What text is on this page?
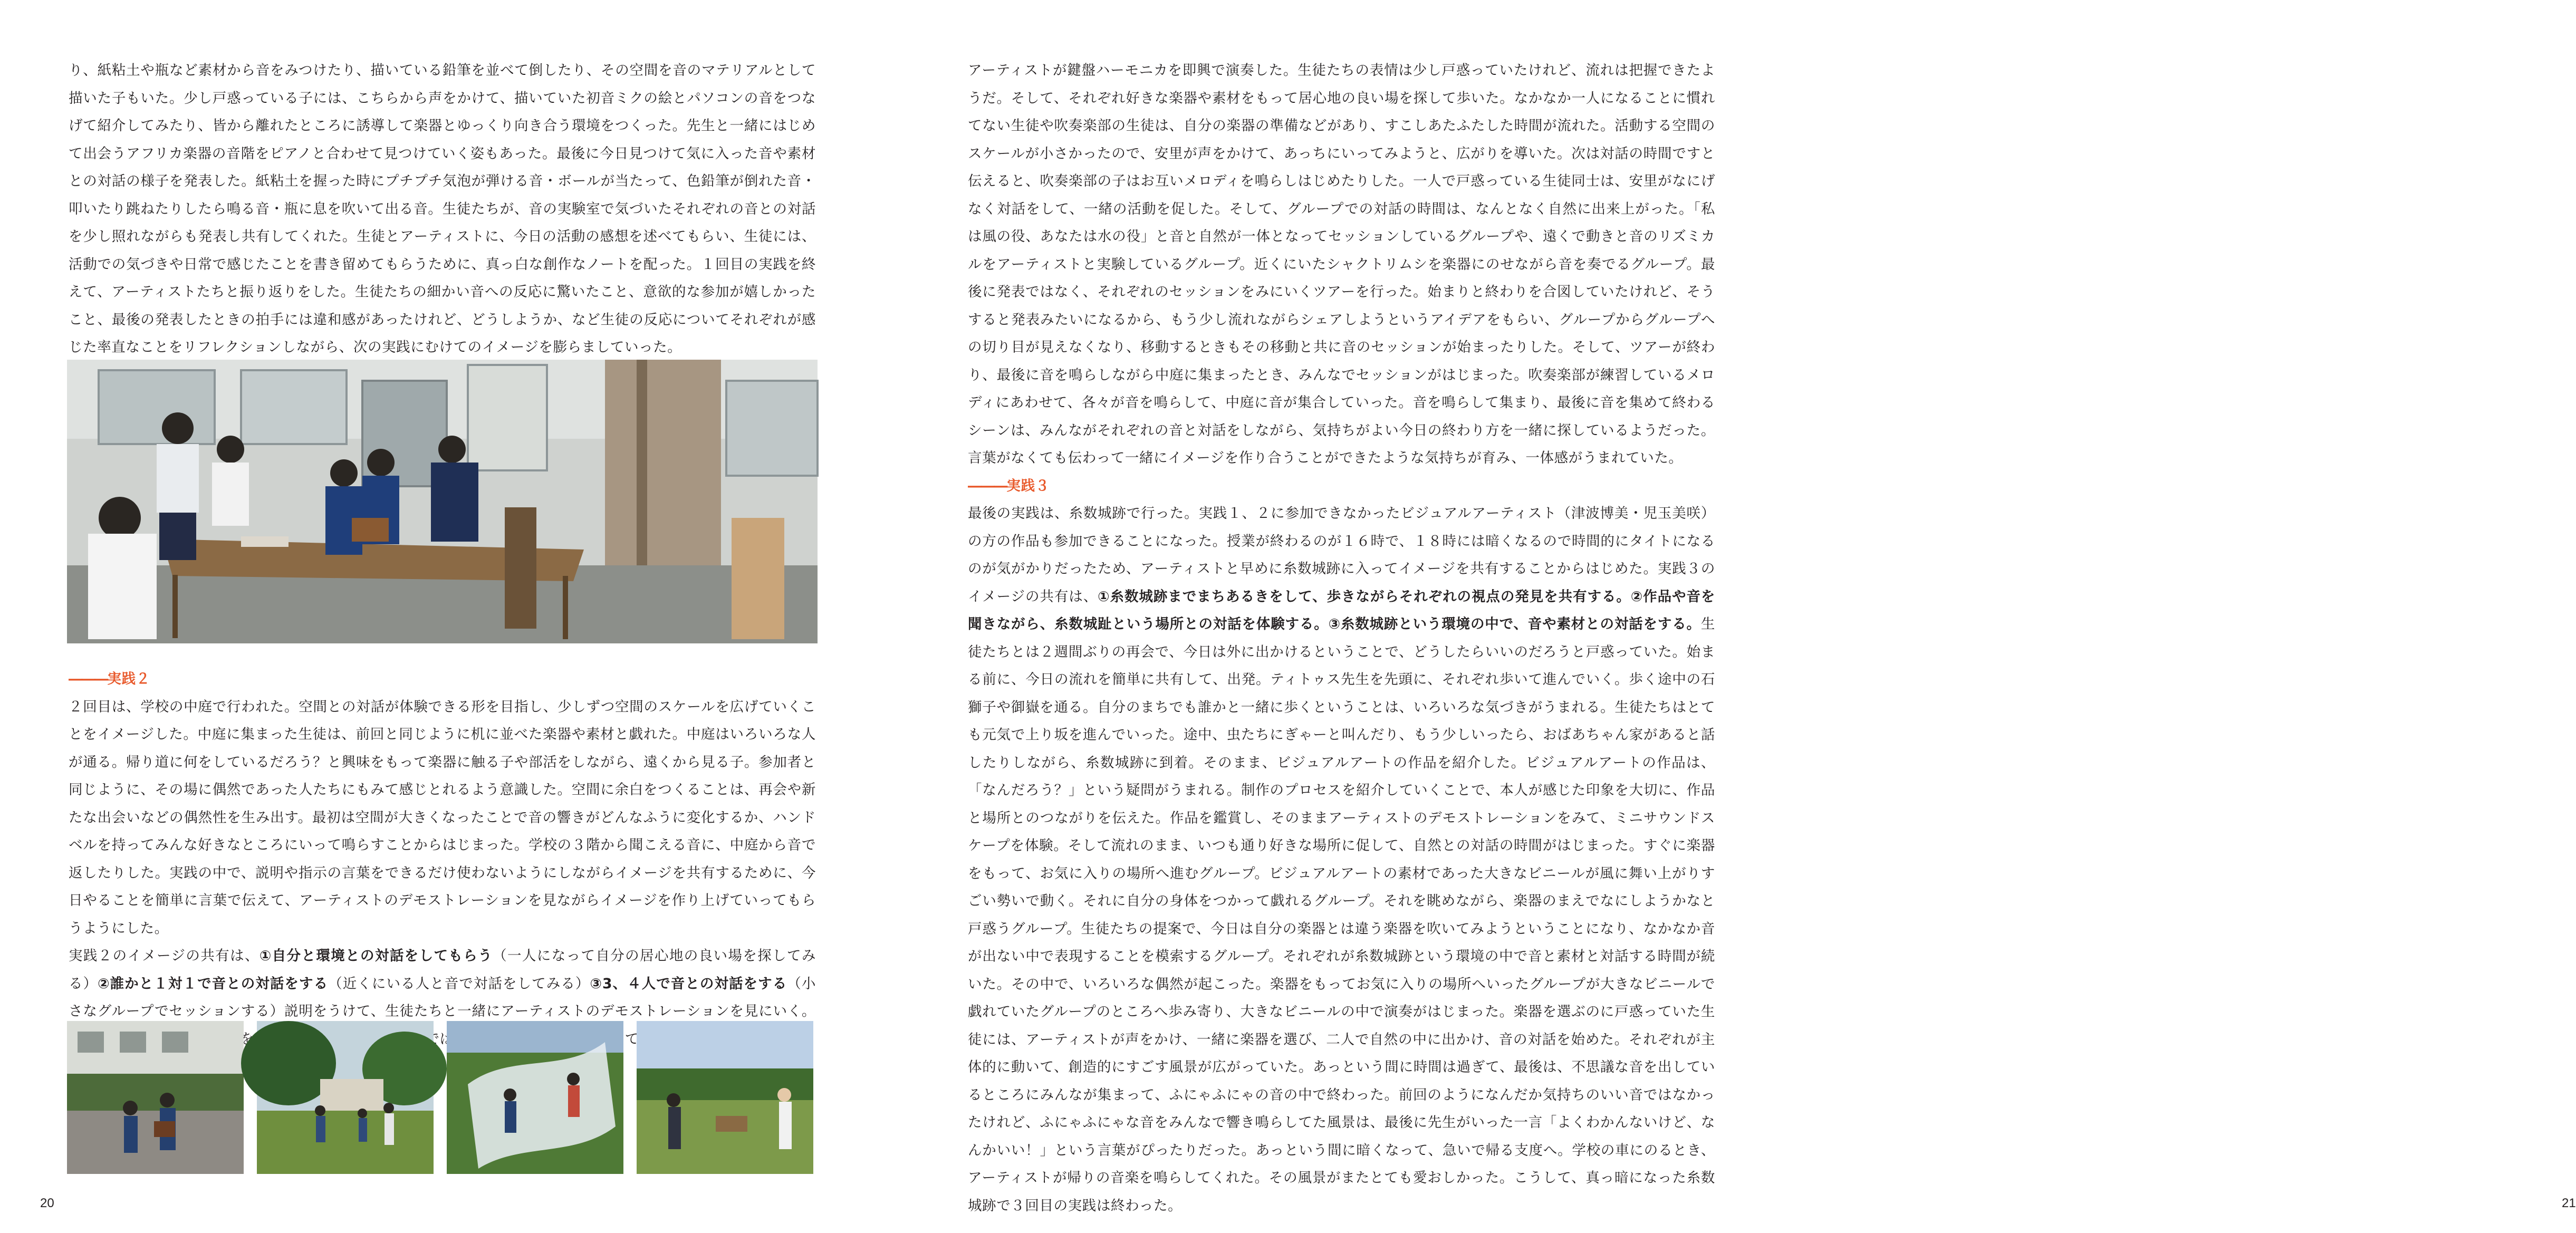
り、紙粘土や瓶など素材から音をみつけたり、描いている鉛筆を並べて倒したり、その空間を音のマテリアルとして描いた子もいた。少し戸惑っている子には、こちらから声をかけて、描いていた初音ミクの絵とパソコンの音をつなげて紹介してみたり、皆から離れたところに誘導して楽器とゆっくり向き合う環境をつくった。先生と一緒にはじめて出会うアフリカ楽器の音階をピアノと合わせて見つけていく姿もあった。最後に今日見つけて気に入った音や素材との対話の様子を発表した。紙粘土を握った時にプチプチ気泡が弾ける音・ボールが当たって、色鉛筆が倒れた音・叩いたり跳ねたりしたら鳴る音・瓶に息を吹いて出る音。生徒たちが、音の実験室で気づいたそれぞれの音との対話を少し照れながらも発表し共有してくれた。生徒とアーティストに、今日の活動の感想を述べてもらい、生徒には、活動での気づきや日常で感じたことを書き留めてもらうために、真っ白な創作なノートを配った。１回目の実践を終えて、アーティストたちと振り返りをした。生徒たちの細かい音への反応に驚いたこと、意欲的な参加が嬉しかったこと、最後の発表したときの拍手には違和感があったけれど、どうしようか、など生徒の反応についてそれぞれが感じた率直なことをリフレクションしながら、次の実践にむけてのイメージを膨らましていった。

―――実践２

２回目は、学校の中庭で行われた。空間との対話が体験できる形を目指し、少しずつ空間のスケールを広げていくことをイメージした。中庭に集まった生徒は、前回と同じように机に並べた楽器や素材と戯れた。中庭はいろいろな人が通る。帰り道に何をしているだろう？と興味をもって楽器に触る子や部活をしながら、遠くから見る子。参加者と同じように、その場に偶然であった人たちにもみて感じとれるよう意識した。空間に余白をつくることは、再会や新たな出会いなどの偶然性を生み出す。最初は空間が大きくなったことで音の響きがどんなふうに変化するか、ハンドベルを持ってみんな好きなところにいって鳴らすことからはじまった。学校の３階から聞こえる音に、中庭から音で返したりした。実践の中で、説明や指示の言葉をできるだけ使わないようにしながらイメージを共有するために、今日やることを簡単に言葉で伝えて、アーティストのデモストレーションを見ながらイメージを作り上げていってもらうようにした。

実践２のイメージの共有は、①自分と環境との対話をしてもらう（一人になって自分の居心地の良い場を探してみる）②誰かと１対１で音との対話をする（近くにいる人と音で対話をしてみる）③3、４人で音との対話をする（小さなグループでセッションする）説明をうけて、生徒たちと一緒にアーティストのデモストレーションを見にいく。 じてもらう時間をたっぷりつくった。運動場ではサッカー部がサッカーをしているところで、

20

アーティストが鍵盤ハーモニカを即興で演奏した。生徒たちの表情は少し戸惑っていたけれど、流れは把握できたようだ。そして、それぞれ好きな楽器や素材をもって居心地の良い場を探して歩いた。なかなか一人になることに慣れてない生徒や吹奏楽部の生徒は、自分の楽器の準備などがあり、すこしあたふたした時間が流れた。活動する空間のスケールが小さかったので、安里が声をかけて、あっちにいってみようと、広がりを導いた。次は対話の時間ですと伝えると、吹奏楽部の子はお互いメロディを鳴らしはじめたりした。一人で戸惑っている生徒同士は、安里がなにげなく対話をして、一緒の活動を促した。そして、グループでの対話の時間は、なんとなく自然に出来上がった。「私は風の役、あなたは水の役」と音と自然が一体となってセッションしているグループや、遠くで動きと音のリズミカルをアーティストと実験しているグループ。近くにいたシャクトリムシを楽器にのせながら音を奏でるグループ。最後に発表ではなく、それぞれのセッションをみにいくツアーを行った。始まりと終わりを合図していたけれど、そうすると発表みたいになるから、もう少し流れながらシェアしようというアイデアをもらい、グループからグループへの切り目が見えなくなり、移動するときもその移動と共に音のセッションが始まったりした。そして、ツアーが終わり、最後に音を鳴らしながら中庭に集まったとき、みんなでセッションがはじまった。吹奏楽部が練習しているメロディにあわせて、各々が音を鳴らして、中庭に音が集合していった。音を鳴らして集まり、最後に音を集めて終わるシーンは、みんながそれぞれの音と対話をしながら、気持ちがよい今日の終わり方を一緒に探しているようだった。言葉がなくても伝わって一緒にイメージを作り合うことができたような気持ちが育み、一体感がうまれていた。

―――実践３

最後の実践は、糸数城跡で行った。実践１、２に参加できなかったビジュアルアーティスト（津波博美・児玉美咲）の方の作品も参加できることになった。授業が終わるのが１６時で、１８時には暗くなるので時間的にタイトになるのが気がかりだったため、アーティストと早めに糸数城跡に入ってイメージを共有することからはじめた。実践３のイメージの共有は、①糸数城跡までまちあるきをして、歩きながらそれぞれの視点の発見を共有する。②作品や音を聞きながら、糸数城趾という場所との対話を体験する。③糸数城跡という環境の中で、音や素材との対話をする。生徒たちとは２週間ぶりの再会で、今日は外に出かけるということで、どうしたらいいのだろうと戸惑っていた。始まる前に、今日の流れを簡単に共有して、出発。ティトゥス先生を先頭に、それぞれ歩いて進んでいく。歩く途中の石獅子や御嶽を通る。自分のまちでも誰かと一緒に歩くということは、いろいろな気づきがうまれる。生徒たちはとても元気で上り坂を進んでいった。途中、虫たちにぎゃーと叫んだり、もう少しいったら、おばあちゃん家があると話したりしながら、糸数城跡に到着。そのまま、ビジュアルアートの作品を紹介した。ビジュアルアートの作品は、「なんだろう？」という疑問がうまれる。制作のプロセスを紹介していくことで、本人が感じた印象を大切に、作品と場所とのつながりを伝えた。作品を鑑賞し、そのままアーティストのデモストレーションをみて、ミニサウンドスケープを体験。そして流れのまま、いつも通り好きな場所に促して、自然との対話の時間がはじまった。すぐに楽器をもって、お気に入りの場所へ進むグループ。ビジュアルアートの素材であった大きなビニールが風に舞い上がりすごい勢いで動く。それに自分の身体をつかって戯れるグループ。それを眺めながら、楽器のまえでなにしようかなと戸惑うグループ。生徒たちの提案で、今日は自分の楽器とは違う楽器を吹いてみようということになり、なかなか音が出ない中で表現することを模索するグループ。それぞれが糸数城跡という環境の中で音と素材と対話する時間が続いた。その中で、いろいろな偶然が起こった。楽器をもってお気に入りの場所へいったグループが大きなビニールで戯れていたグループのところへ歩み寄り、大きなビニールの中で演奏がはじまった。楽器を選ぶのに戸惑っていた生徒には、アーティストが声をかけ、一緒に楽器を選び、二人で自然の中に出かけ、音の対話を始めた。それぞれが主体的に動いて、創造的にすごす風景が広がっていた。あっという間に時間は過ぎて、最後は、不思議な音を出しているところにみんなが集まって、ふにゃふにゃの音の中で終わった。前回のようになんだか気持ちのいい音ではなかったけれど、ふにゃふにゃな音をみんなで響き鳴らしてた風景は、最後に先生がいった一言「よくわかんないけど、なんかいい！」という言葉がぴったりだった。あっという間に暗くなって、急いで帰る支度へ。学校の車にのるとき、アーティストが帰りの音楽を鳴らしてくれた。その風景がまたとても愛おしかった。こうして、真っ暗になった糸数城跡で３回目の実践は終わった。	21
